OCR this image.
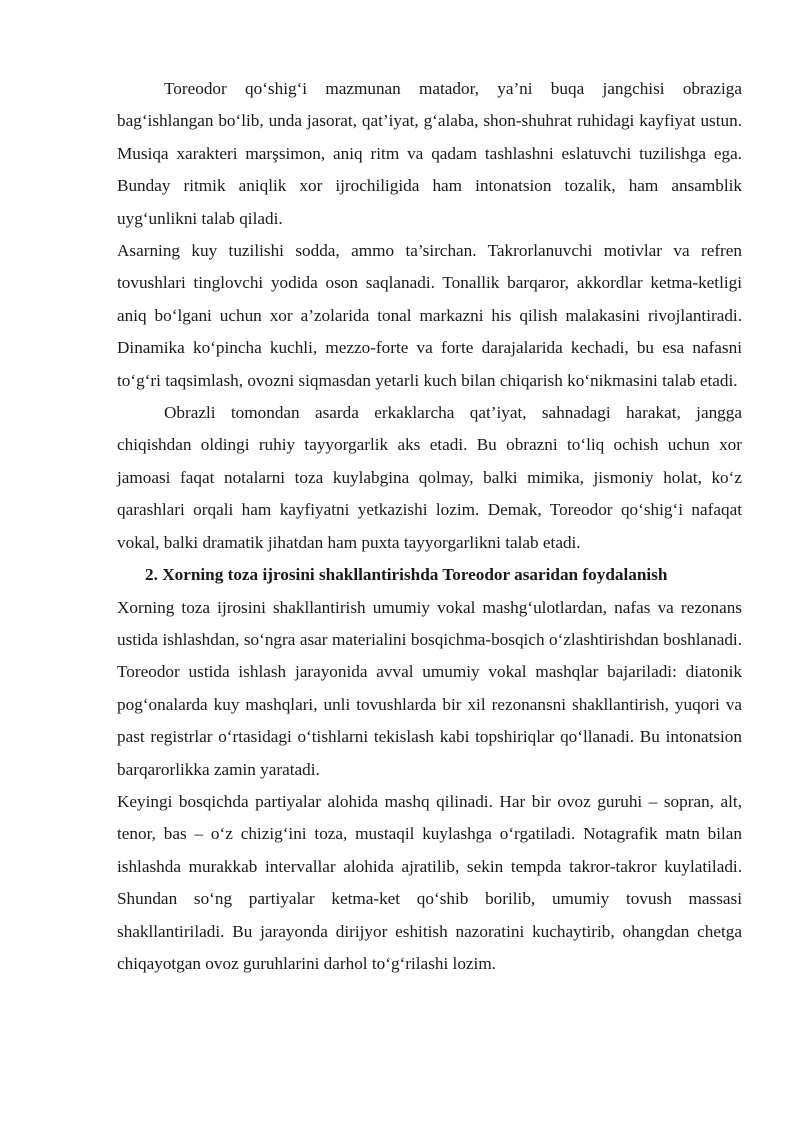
Toreodor qo‘shig‘i mazmunan matador, ya’ni buqa jangchisi obraziga bag‘ishlangan bo‘lib, unda jasorat, qat’iyat, g‘alaba, shon-shuhrat ruhidagi kayfiyat ustun. Musiqa xarakteri marşsimon, aniq ritm va qadam tashlashni eslatuvchi tuzilishga ega. Bunday ritmik aniqlik xor ijrochiligida ham intonatsion tozalik, ham ansamblik uyg‘unlikni talab qiladi.

Asarning kuy tuzilishi sodda, ammo ta’sirchan. Takrorlanuvchi motivlar va refren tovushlari tinglovchi yodida oson saqlanadi. Tonallik barqaror, akkordlar ketma-ketligi aniq bo‘lgani uchun xor a’zolarida tonal markazni his qilish malakasini rivojlantiradi. Dinamika ko‘pincha kuchli, mezzo-forte va forte darajalarida kechadi, bu esa nafasni to‘g‘ri taqsimlash, ovozni siqmasdan yetarli kuch bilan chiqarish ko‘nikmasini talab etadi.

Obrazli tomondan asarda erkaklarcha qat’iyat, sahnadagi harakat, jangga chiqishdan oldingi ruhiy tayyorgarlik aks etadi. Bu obrazni to‘liq ochish uchun xor jamoasi faqat notalarni toza kuylabgina qolmay, balki mimika, jismoniy holat, ko‘z qarashlari orqali ham kayfiyatni yetkazishi lozim. Demak, Toreodor qo‘shig‘i nafaqat vokal, balki dramatik jihatdan ham puxta tayyorgarlikni talab etadi.

2. Xorning toza ijrosini shakllantirishda Toreodor asaridan foydalanish

Xorning toza ijrosini shakllantirish umumiy vokal mashg‘ulotlardan, nafas va rezonans ustida ishlashdan, so‘ngra asar materialini bosqichma-bosqich o‘zlashtirishdan boshlanadi. Toreodor ustida ishlash jarayonida avval umumiy vokal mashqlar bajariladi: diatonik pog‘onalarda kuy mashqlari, unli tovushlarda bir xil rezonansni shakllantirish, yuqori va past registrlar o‘rtasidagi o‘tishlarni tekislash kabi topshiriqlar qo‘llanadi. Bu intonatsion barqarorlikka zamin yaratadi.

Keyingi bosqichda partiyalar alohida mashq qilinadi. Har bir ovoz guruhi – sopran, alt, tenor, bas – o‘z chizig‘ini toza, mustaqil kuylashga o‘rgatiladi. Notagrafik matn bilan ishlashda murakkab intervallar alohida ajratilib, sekin tempda takror-takror kuylatiladi. Shundan so‘ng partiyalar ketma-ket qo‘shib borilib, umumiy tovush massasi shakllantiriladi. Bu jarayonda dirijyor eshitish nazoratini kuchaytirib, ohangdan chetga chiqayotgan ovoz guruhlarini darhol to‘g‘rilashi lozim.
